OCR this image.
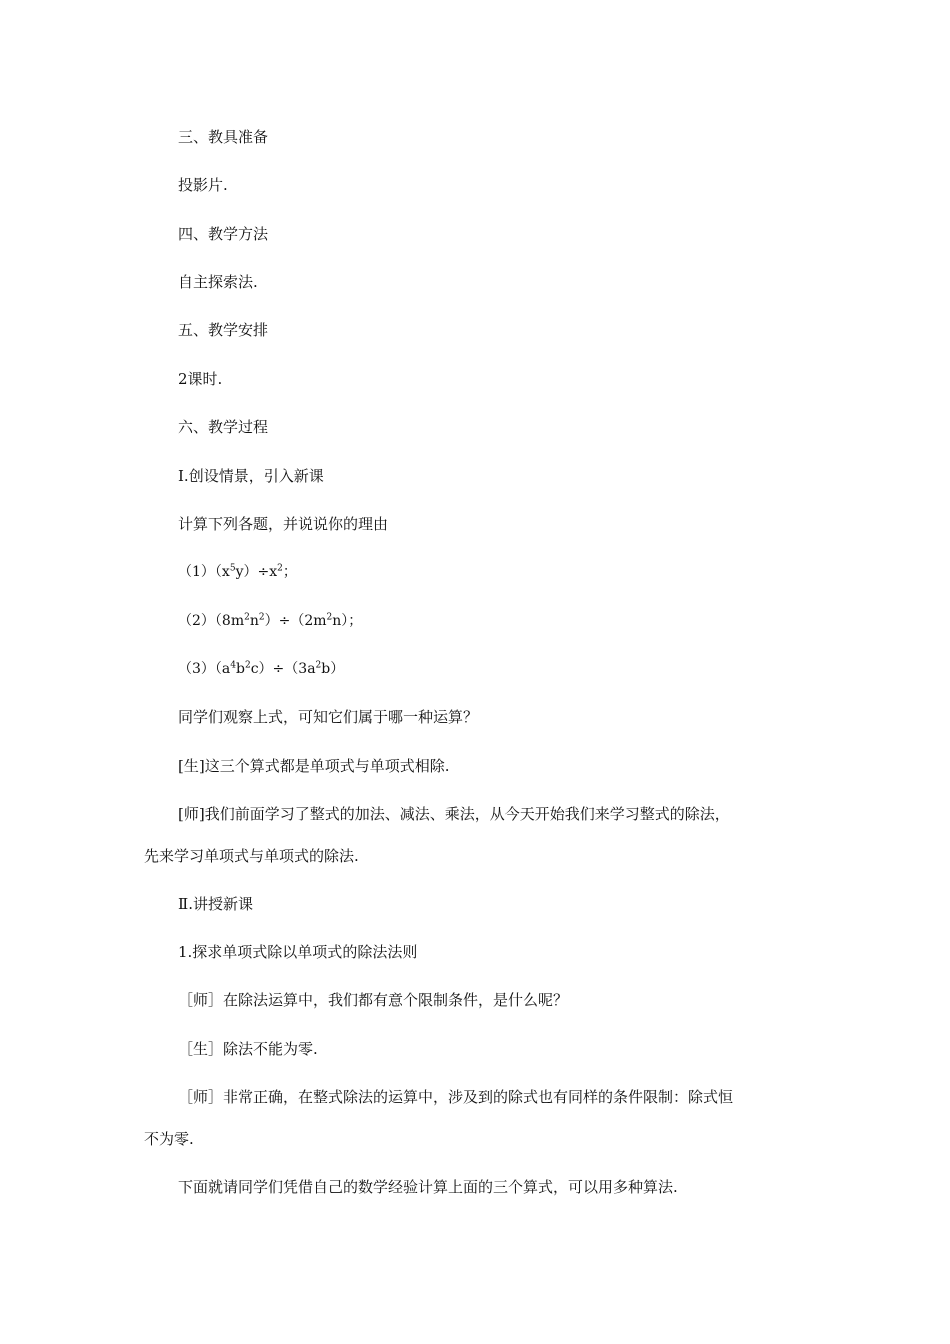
三、教具准备

投影片.

四、教学方法

自主探索法.

五、教学安排

2课时.

六、教学过程

Ⅰ.创设情景，引入新课

计算下列各题，并说说你的理由

$(1)(x^5y)\div x^2$；

$(2)(8m^2n^2)\div(2m^2n)$；

$(3)(a^4b^2c)\div(3a^2b)$

同学们观察上式，可知它们属于哪一种运算？

[生]这三个算式都是单项式与单项式相除.

[师]我们前面学习了整式的加法、减法、乘法，从今天开始我们来学习整式的除法，

先来学习单项式与单项式的除法.

Ⅱ.讲授新课

1.探求单项式除以单项式的除法法则

［师］在除法运算中，我们都有意个限制条件，是什么呢？

［生］除法不能为零.

［师］非常正确，在整式除法的运算中，涉及到的除式也有同样的条件限制：除式恒

不为零.

下面就请同学们凭借自己的数学经验计算上面的三个算式，可以用多种算法.
